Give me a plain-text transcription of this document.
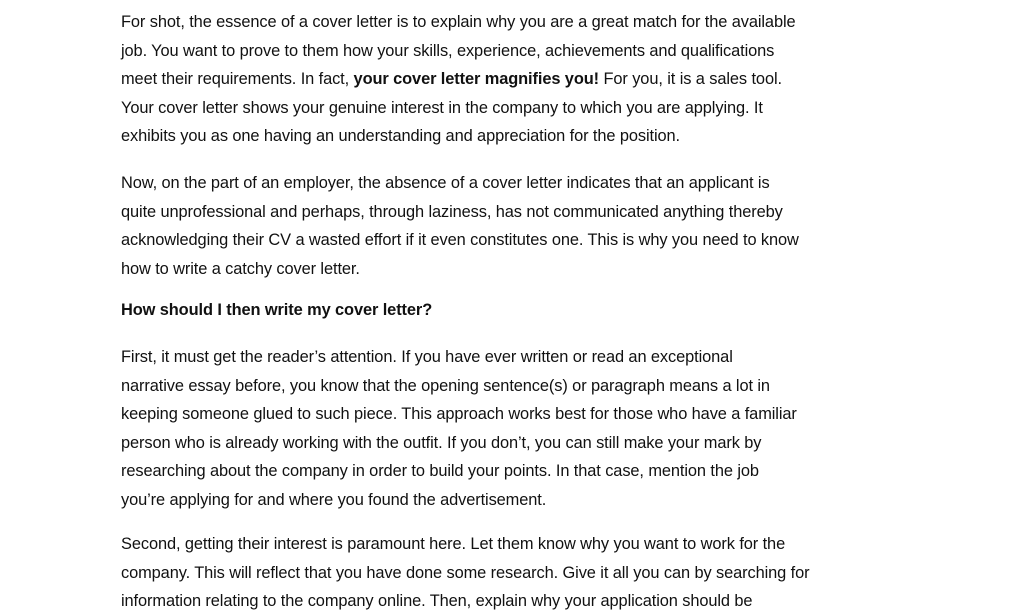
For shot, the essence of a cover letter is to explain why you are a great match for the available
job. You want to prove to them how your skills, experience, achievements and qualifications
meet their requirements. In fact, your cover letter magnifies you! For you, it is a sales tool.
Your cover letter shows your genuine interest in the company to which you are applying. It
exhibits you as one having an understanding and appreciation for the position.
Now, on the part of an employer, the absence of a cover letter indicates that an applicant is
quite unprofessional and perhaps, through laziness, has not communicated anything thereby
acknowledging their CV a wasted effort if it even constitutes one. This is why you need to know
how to write a catchy cover letter.
How should I then write my cover letter?
First, it must get the reader’s attention. If you have ever written or read an exceptional
narrative essay before, you know that the opening sentence(s) or paragraph means a lot in
keeping someone glued to such piece. This approach works best for those who have a familiar
person who is already working with the outfit. If you don’t, you can still make your mark by
researching about the company in order to build your points. In that case, mention the job
you’re applying for and where you found the advertisement.
Second, getting their interest is paramount here. Let them know why you want to work for the
company. This will reflect that you have done some research. Give it all you can by searching for
information relating to the company online. Then, explain why your application should be
